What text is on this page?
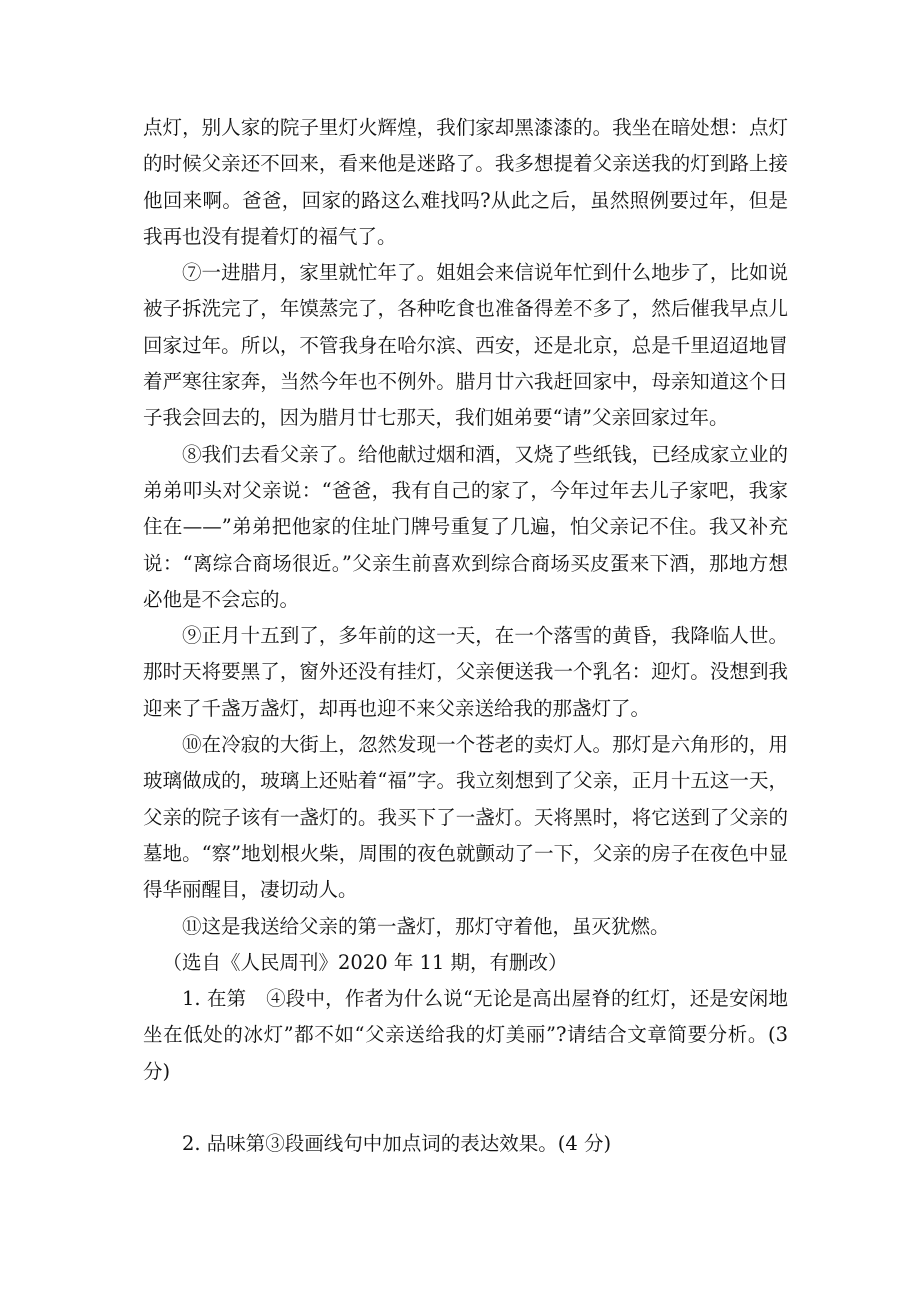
点灯，别人家的院子里灯火辉煌，我们家却黑漆漆的。我坐在暗处想：点灯的时候父亲还不回来，看来他是迷路了。我多想提着父亲送我的灯到路上接他回来啊。爸爸，回家的路这么难找吗?从此之后，虽然照例要过年，但是我再也没有提着灯的福气了。

⑦一进腊月，家里就忙年了。姐姐会来信说年忙到什么地步了，比如说被子拆洗完了，年馍蒸完了，各种吃食也准备得差不多了，然后催我早点儿回家过年。所以，不管我身在哈尔滨、西安，还是北京，总是千里迢迢地冒着严寒往家奔，当然今年也不例外。腊月廿六我赶回家中，母亲知道这个日子我会回去的，因为腊月廿七那天，我们姐弟要“请”父亲回家过年。

⑧我们去看父亲了。给他献过烟和酒，又烧了些纸钱，已经成家立业的弟弟叩头对父亲说：“爸爸，我有自己的家了，今年过年去儿子家吧，我家住在——”弟弟把他家的住址门牌号重复了几遍，怕父亲记不住。我又补充说：“离综合商场很近。”父亲生前喜欢到综合商场买皮蛋来下酒，那地方想必他是不会忘的。

⑨正月十五到了，多年前的这一天，在一个落雪的黄昏，我降临人世。那时天将要黑了，窗外还没有挂灯，父亲便送我一个乳名：迎灯。没想到我迎来了千盏万盏灯，却再也迎不来父亲送给我的那盏灯了。

⑩在冷寂的大街上，忽然发现一个苍老的卖灯人。那灯是六角形的，用玻璃做成的，玻璃上还贴着“福”字。我立刻想到了父亲，正月十五这一天，父亲的院子该有一盏灯的。我买下了一盏灯。天将黑时，将它送到了父亲的墓地。“察”地划根火柴，周围的夜色就颤动了一下，父亲的房子在夜色中显得华丽醒目，凄切动人。

⑪这是我送给父亲的第一盏灯，那灯守着他，虽灭犹燃。

（选自《人民周刊》2020 年 11 期，有删改）

1. 在第　④段中，作者为什么说“无论是高出屋脊的红灯，还是安闲地坐在低处的冰灯”都不如“父亲送给我的灯美丽”?请结合文章简要分析。(3 分)

2. 品味第③段画线句中加点词的表达效果。(4 分)
